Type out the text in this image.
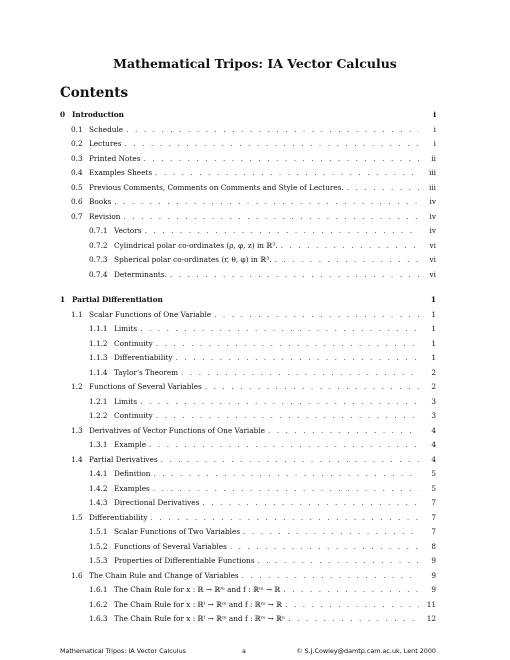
Mathematical Tripos: IA Vector Calculus
Contents
0 Introduction	i
0.1 Schedule . . .	i
0.2 Lectures . . .	i
0.3 Printed Notes . . .	ii
0.4 Examples Sheets . . .	iii
0.5 Previous Comments, Comments on Comments and Style of Lectures. . . .	iii
0.6 Books . . .	iv
0.7 Revision . . .	iv
0.7.1 Vectors . . .	iv
0.7.2 Cylindrical polar co-ordinates (ρ, φ, z) in ℝ³. . . .	vi
0.7.3 Spherical polar co-ordinates (r, θ, φ) in ℝ³. . . .	vi
0.7.4 Determinants. . . .	vi
1 Partial Differentiation	1
1.1 Scalar Functions of One Variable . . .	1
1.1.1 Limits . . .	1
1.1.2 Continuity . . .	1
1.1.3 Differentiability . . .	1
1.1.4 Taylor's Theorem . . .	2
1.2 Functions of Several Variables . . .	2
1.2.1 Limits . . .	3
1.2.2 Continuity . . .	3
1.3 Derivatives of Vector Functions of One Variable . . .	4
1.3.1 Example . . .	4
1.4 Partial Derivatives . . .	4
1.4.1 Definition . . .	5
1.4.2 Examples . . .	5
1.4.3 Directional Derivatives . . .	7
1.5 Differentiability . . .	7
1.5.1 Scalar Functions of Two Variables . . .	7
1.5.2 Functions of Several Variables . . .	8
1.5.3 Properties of Differentiable Functions . . .	9
1.6 The Chain Rule and Change of Variables . . .	9
1.6.1 The Chain Rule for x : ℝ → ℝᵐ and f : ℝᵐ → ℝ . . .	9
1.6.2 The Chain Rule for x : ℝˡ → ℝᵐ and f : ℝᵐ → ℝ . . .	11
1.6.3 The Chain Rule for x : ℝˡ → ℝᵐ and f : ℝᵐ → ℝⁿ . . .	12
Mathematical Tripos: IA Vector Calculus	a	© S.J.Cowley@damtp.cam.ac.uk, Lent 2000
